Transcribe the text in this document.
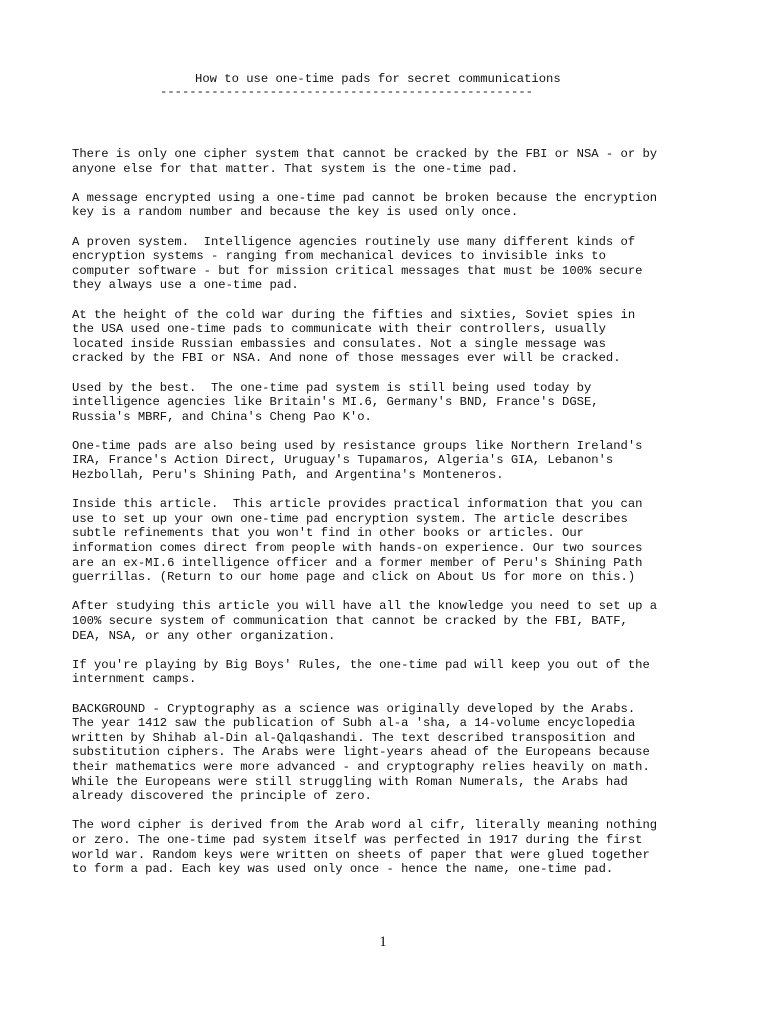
How to use one-time pads for secret communications
---------------------------------------------------

There is only one cipher system that cannot be cracked by the FBI or NSA - or by
anyone else for that matter. That system is the one-time pad.

A message encrypted using a one-time pad cannot be broken because the encryption
key is a random number and because the key is used only once.

A proven system.  Intelligence agencies routinely use many different kinds of
encryption systems - ranging from mechanical devices to invisible inks to
computer software - but for mission critical messages that must be 100% secure
they always use a one-time pad.

At the height of the cold war during the fifties and sixties, Soviet spies in
the USA used one-time pads to communicate with their controllers, usually
located inside Russian embassies and consulates. Not a single message was
cracked by the FBI or NSA. And none of those messages ever will be cracked.

Used by the best.  The one-time pad system is still being used today by
intelligence agencies like Britain's MI.6, Germany's BND, France's DGSE,
Russia's MBRF, and China's Cheng Pao K'o.

One-time pads are also being used by resistance groups like Northern Ireland's
IRA, France's Action Direct, Uruguay's Tupamaros, Algeria's GIA, Lebanon's
Hezbollah, Peru's Shining Path, and Argentina's Monteneros.

Inside this article.  This article provides practical information that you can
use to set up your own one-time pad encryption system. The article describes
subtle refinements that you won't find in other books or articles. Our
information comes direct from people with hands-on experience. Our two sources
are an ex-MI.6 intelligence officer and a former member of Peru's Shining Path
guerrillas. (Return to our home page and click on About Us for more on this.)

After studying this article you will have all the knowledge you need to set up a
100% secure system of communication that cannot be cracked by the FBI, BATF,
DEA, NSA, or any other organization.

If you're playing by Big Boys' Rules, the one-time pad will keep you out of the
internment camps.

BACKGROUND - Cryptography as a science was originally developed by the Arabs.
The year 1412 saw the publication of Subh al-a 'sha, a 14-volume encyclopedia
written by Shihab al-Din al-Qalqashandi. The text described transposition and
substitution ciphers. The Arabs were light-years ahead of the Europeans because
their mathematics were more advanced - and cryptography relies heavily on math.
While the Europeans were still struggling with Roman Numerals, the Arabs had
already discovered the principle of zero.

The word cipher is derived from the Arab word al cifr, literally meaning nothing
or zero. The one-time pad system itself was perfected in 1917 during the first
world war. Random keys were written on sheets of paper that were glued together
to form a pad. Each key was used only once - hence the name, one-time pad.

1
